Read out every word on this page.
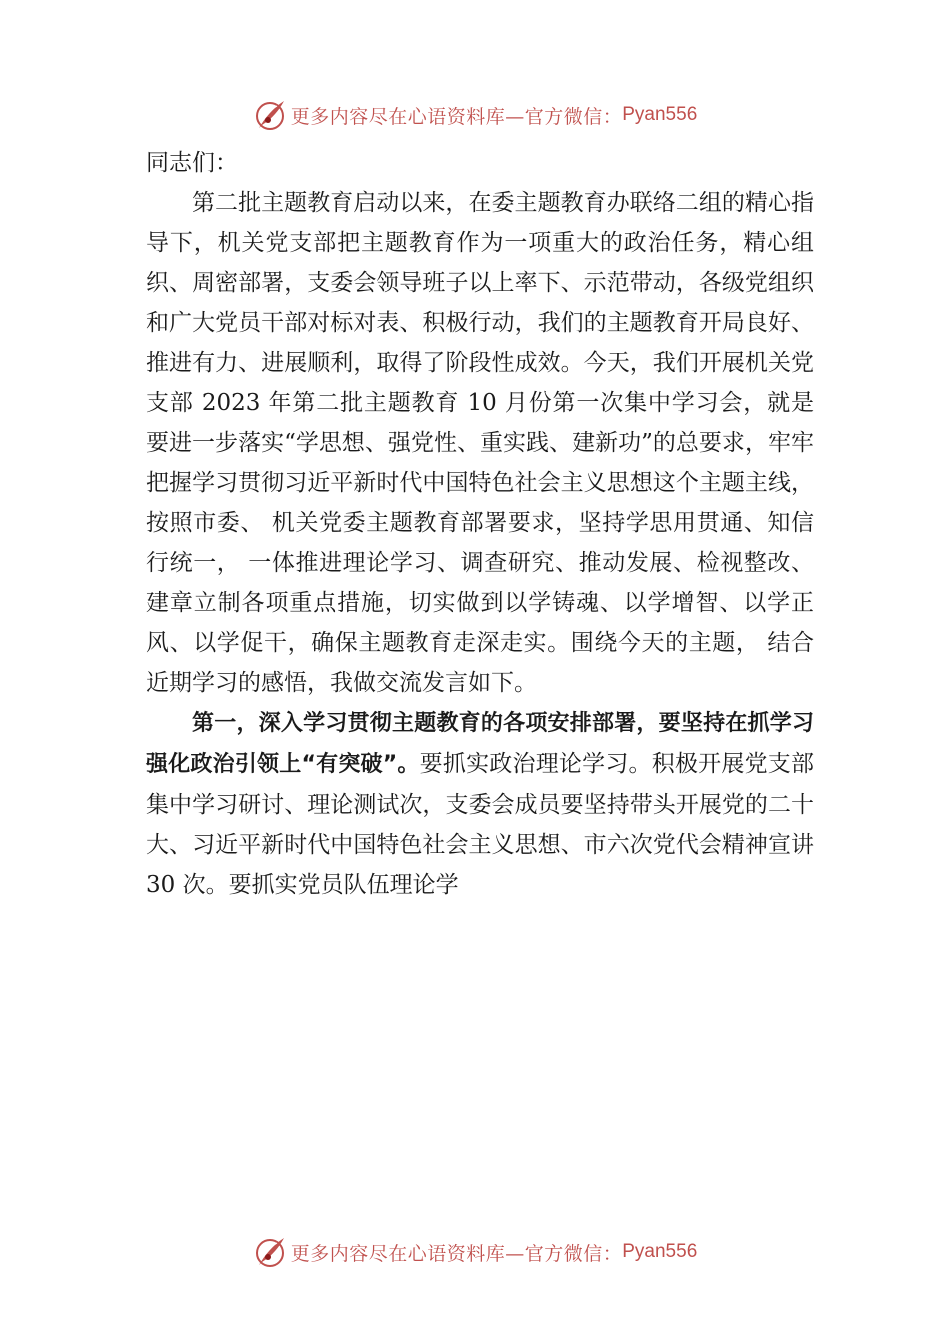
更多内容尽在心语资料库—官方微信： Pyan556

同志们：

第二批主题教育启动以来，在委主题教育办联络二组的精心指导下，机关党支部把主题教育作为一项重大的政治任务，精心组织、周密部署，支委会领导班子以上率下、示范带动，各级党组织和广大党员干部对标对表、积极行动，我们的主题教育开局良好、推进有力、进展顺利，取得了阶段性成效。今天，我们开展机关党支部 2023 年第二批主题教育 10 月份第一次集中学习会，就是要进一步落实“学思想、强党性、重实践、建新功”的总要求，牢牢把握学习贯彻习近平新时代中国特色社会主义思想这个主题主线，按照市委、 机关党委主题教育部署要求，坚持学思用贯通、知信行统一， 一体推进理论学习、调查研究、推动发展、检视整改、建章立制各项重点措施，切实做到以学铸魂、以学增智、以学正风、以学促干，确保主题教育走深走实。围绕今天的主题， 结合近期学习的感悟，我做交流发言如下。

第一，深入学习贯彻主题教育的各项安排部署，要坚持在抓学习强化政治引领上“有突破”。要抓实政治理论学习。积极开展党支部集中学习研讨、理论测试次，支委会成员要坚持带头开展党的二十大、习近平新时代中国特色社会主义思想、市六次党代会精神宣讲 30 次。要抓实党员队伍理论学

更多内容尽在心语资料库—官方微信： Pyan556
